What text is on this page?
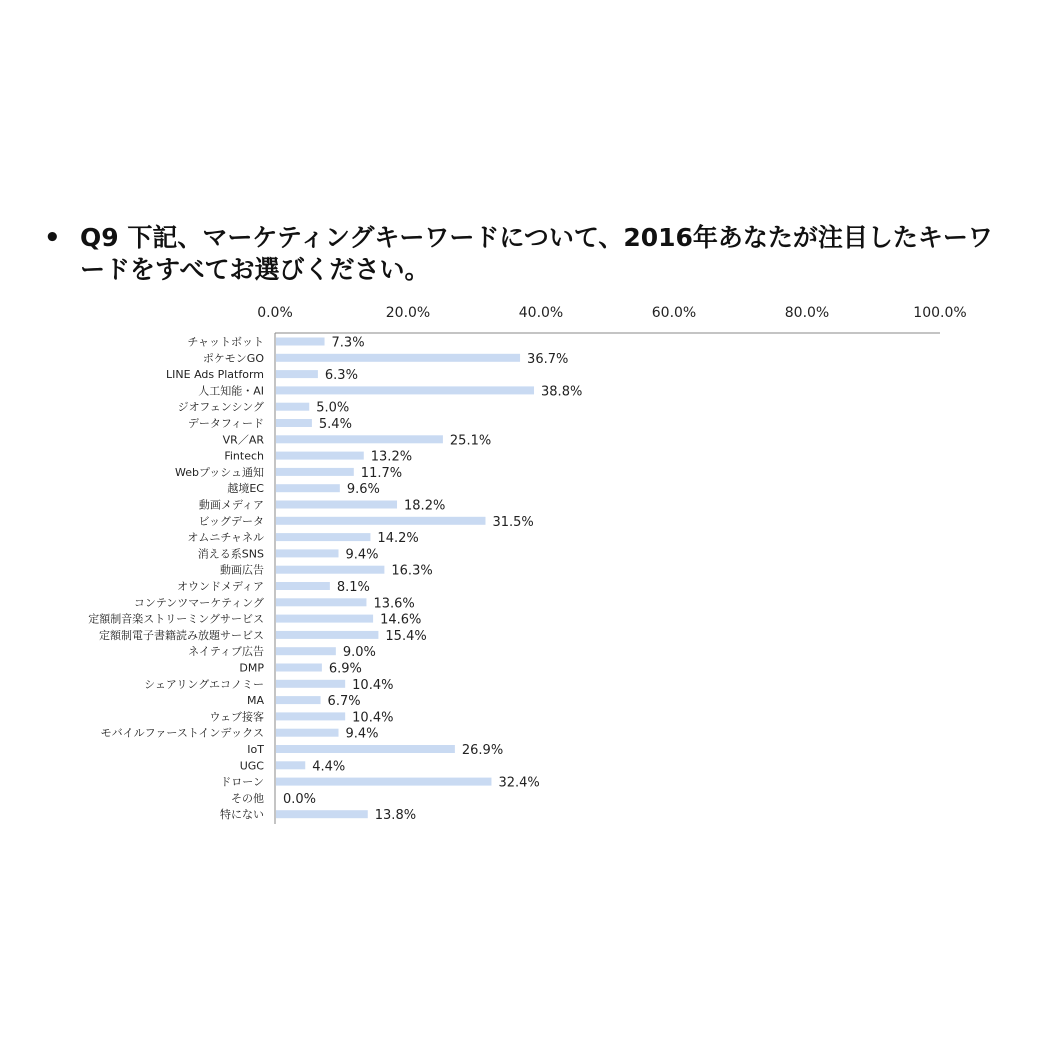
• Q9 下記、マーケティングキーワードについて、2016年あなたが注目したキーワードをすべてお選びください。
0.0%	20.0%	40.0%	60.0%	80.0%	100.0%
チャットボット	7.3%
ポケモンGO	36.7%
LINE Ads Platform	6.3%
人工知能・AI	38.8%
ジオフェンシング	5.0%
データフィード	5.4%
VR／AR	25.1%
Fintech	13.2%
Webプッシュ通知	11.7%
越境EC	9.6%
動画メディア	18.2%
ビッグデータ	31.5%
オムニチャネル	14.2%
消える系SNS	9.4%
動画広告	16.3%
オウンドメディア	8.1%
コンテンツマーケティング	13.6%
定額制音楽ストリーミングサービス	14.6%
定額制電子書籍読み放題サービス	15.4%
ネイティブ広告	9.0%
DMP	6.9%
シェアリングエコノミー	10.4%
MA	6.7%
ウェブ接客	10.4%
モバイルファーストインデックス	9.4%
IoT	26.9%
UGC	4.4%
ドローン	32.4%
その他 0.0%
特にない	13.8%
